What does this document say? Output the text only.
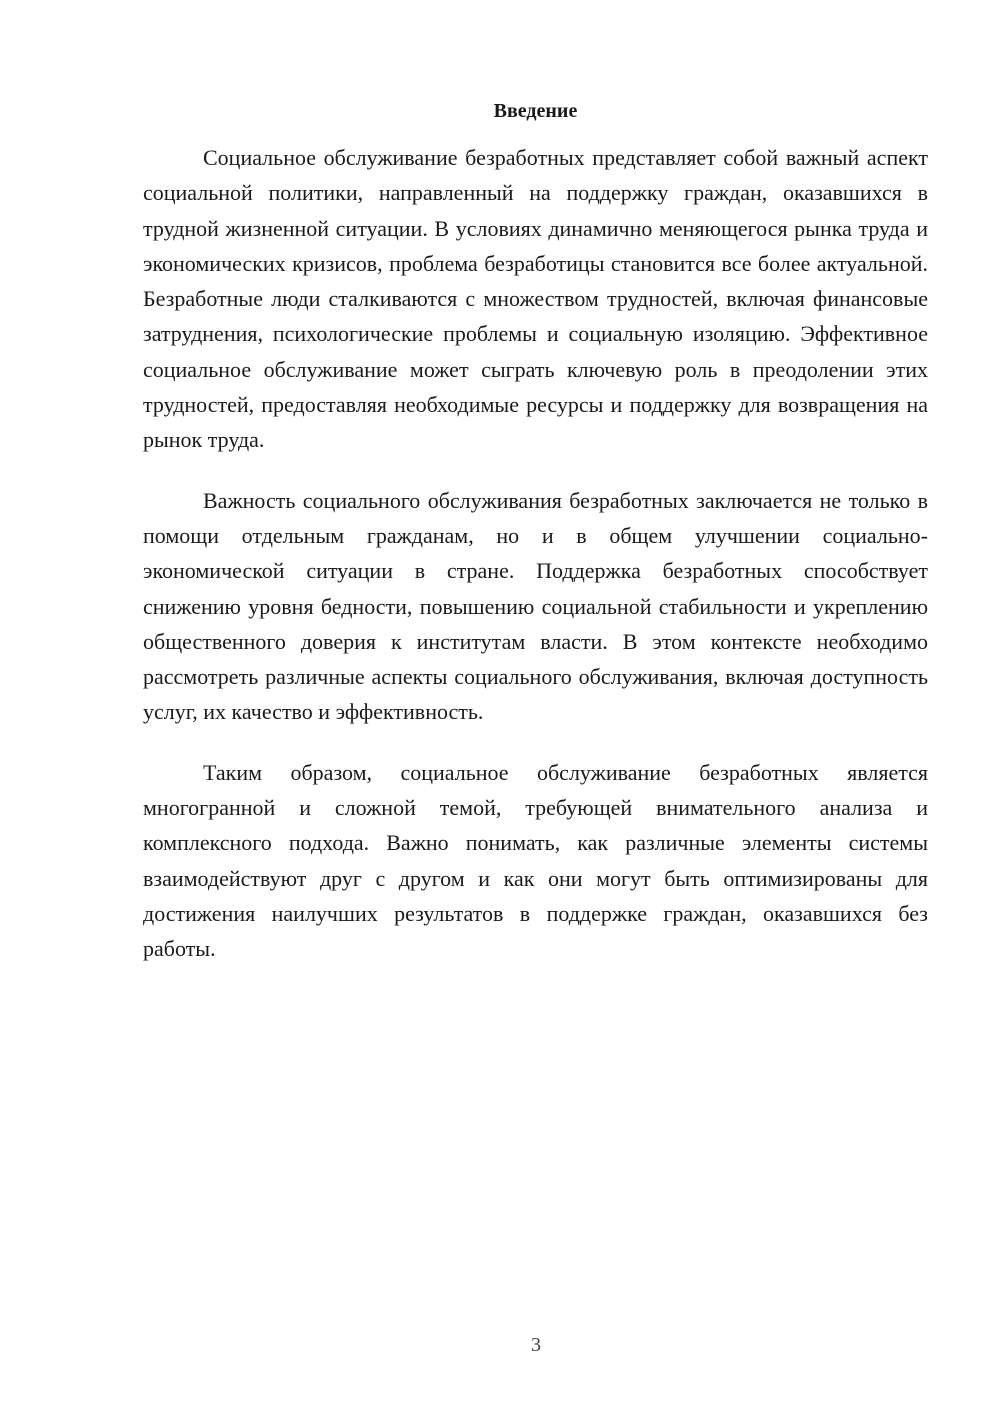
Введение

Социальное обслуживание безработных представляет собой важный аспект социальной политики, направленный на поддержку граждан, оказавшихся в трудной жизненной ситуации. В условиях динамично меняющегося рынка труда и экономических кризисов, проблема безработицы становится все более актуальной. Безработные люди сталкиваются с множеством трудностей, включая финансовые затруднения, психологические проблемы и социальную изоляцию. Эффективное социальное обслуживание может сыграть ключевую роль в преодолении этих трудностей, предоставляя необходимые ресурсы и поддержку для возвращения на рынок труда.

Важность социального обслуживания безработных заключается не только в помощи отдельным гражданам, но и в общем улучшении социально-экономической ситуации в стране. Поддержка безработных способствует снижению уровня бедности, повышению социальной стабильности и укреплению общественного доверия к институтам власти. В этом контексте необходимо рассмотреть различные аспекты социального обслуживания, включая доступность услуг, их качество и эффективность.

Таким образом, социальное обслуживание безработных является многогранной и сложной темой, требующей внимательного анализа и комплексного подхода. Важно понимать, как различные элементы системы взаимодействуют друг с другом и как они могут быть оптимизированы для достижения наилучших результатов в поддержке граждан, оказавшихся без работы.

3
